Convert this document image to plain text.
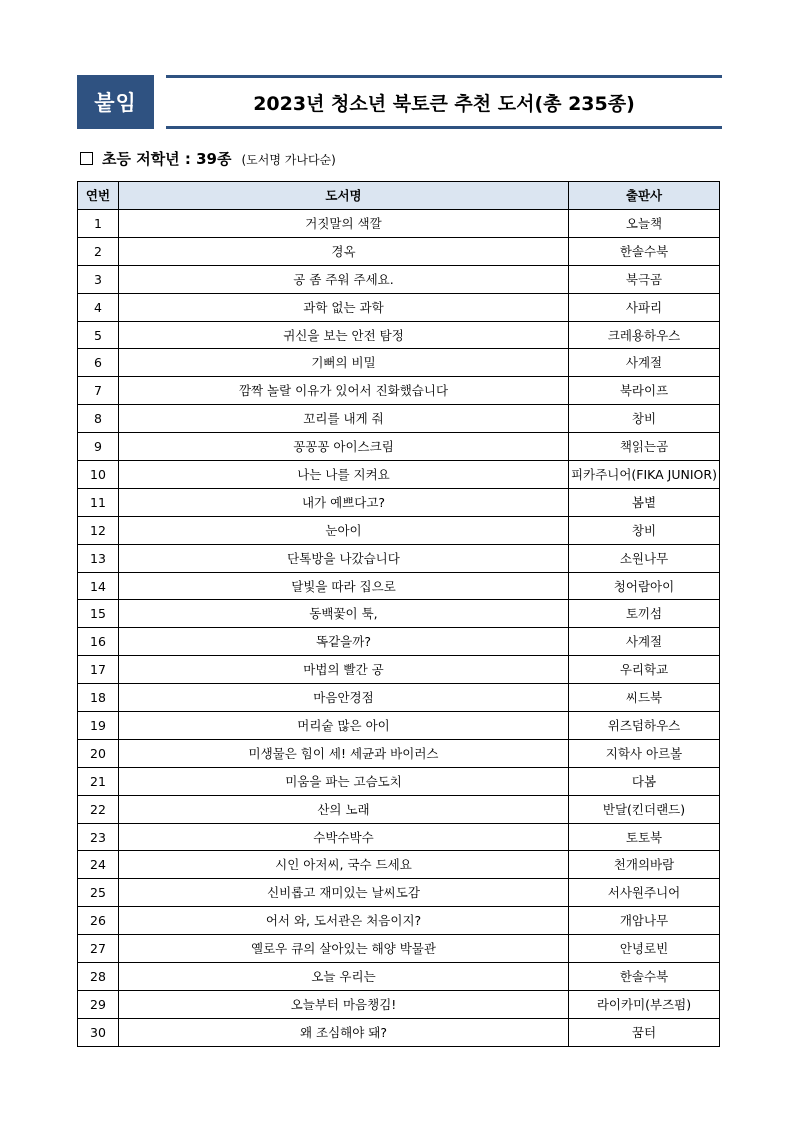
붙임	2023년 청소년 북토큰 추천 도서(총 235종)
초등 저학년 : 39종 (도서명 가나다순)
연번	도서명	출판사
1	거짓말의 색깔	오늘책
2	경옥	한솔수북
3	공 좀 주워 주세요.	북극곰
4	과학 없는 과학	사파리
5	귀신을 보는 안전 탐정	크레용하우스
6	기뻐의 비밀	사계절
7	깜짝 놀랄 이유가 있어서 진화했습니다	북라이프
8	꼬리를 내게 줘	창비
9	꽁꽁꽁 아이스크림	책읽는곰
10	나는 나를 지켜요	피카주니어(FIKA JUNIOR)
11	내가 예쁘다고?	봄볕
12	눈아이	창비
13	단톡방을 나갔습니다	소원나무
14	달빛을 따라 집으로	청어람아이
15	동백꽃이 툭,	토끼섬
16	똑같을까?	사계절
17	마법의 빨간 공	우리학교
18	마음안경점	씨드북
19	머리숱 많은 아이	위즈덤하우스
20	미생물은 힘이 세! 세균과 바이러스	지학사 아르볼
21	미움을 파는 고슴도치	다봄
22	산의 노래	반달(킨더랜드)
23	수박수박수	토토북
24	시인 아저씨, 국수 드세요	천개의바람
25	신비롭고 재미있는 날씨도감	서사원주니어
26	어서 와, 도서관은 처음이지?	개암나무
27	옐로우 큐의 살아있는 해양 박물관	안녕로빈
28	오늘 우리는	한솔수북
29	오늘부터 마음챙김!	라이카미(부즈펌)
30	왜 조심해야 돼?	꿈터
